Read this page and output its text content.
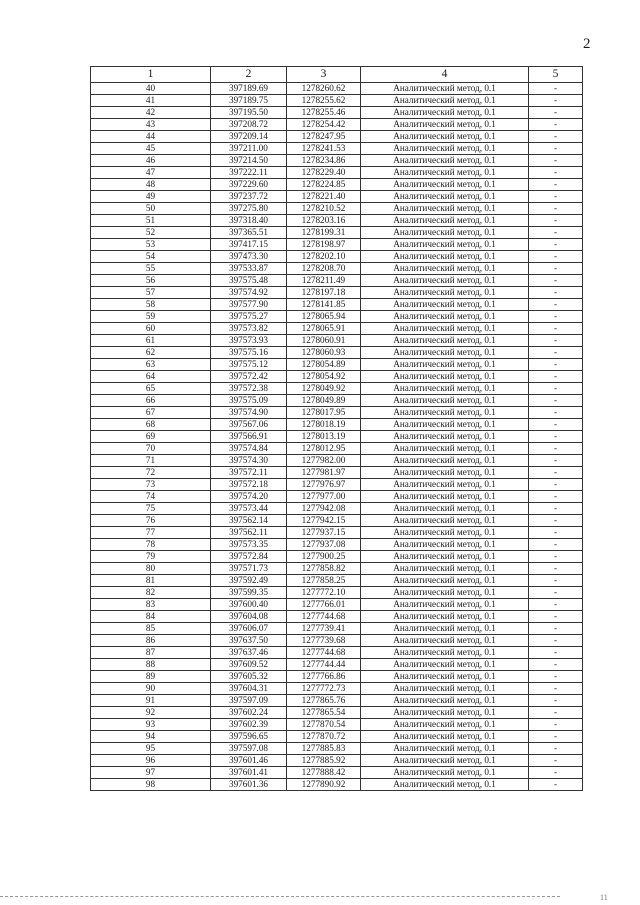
2
1	2	3	4	5
40	397189.69	1278260.62	Аналитический метод, 0.1	-
41	397189.75	1278255.62	Аналитический метод, 0.1	-
42	397195.50	1278255.46	Аналитический метод, 0.1	-
43	397208.72	1278254.42	Аналитический метод, 0.1	-
44	397209.14	1278247.95	Аналитический метод, 0.1	-
45	397211.00	1278241.53	Аналитический метод, 0.1	-
46	397214.50	1278234.86	Аналитический метод, 0.1	-
47	397222.11	1278229.40	Аналитический метод, 0.1	-
48	397229.60	1278224.85	Аналитический метод, 0.1	-
49	397237.72	1278221.40	Аналитический метод, 0.1	-
50	397275.80	1278210.52	Аналитический метод, 0.1	-
51	397318.40	1278203.16	Аналитический метод, 0.1	-
52	397365.51	1278199.31	Аналитический метод, 0.1	-
53	397417.15	1278198.97	Аналитический метод, 0.1	-
54	397473.30	1278202.10	Аналитический метод, 0.1	-
55	397533.87	1278208.70	Аналитический метод, 0.1	-
56	397575.48	1278211.49	Аналитический метод, 0.1	-
57	397574.92	1278197.18	Аналитический метод, 0.1	-
58	397577.90	1278141.85	Аналитический метод, 0.1	-
59	397575.27	1278065.94	Аналитический метод, 0.1	-
60	397573.82	1278065.91	Аналитический метод, 0.1	-
61	397573.93	1278060.91	Аналитический метод, 0.1	-
62	397575.16	1278060.93	Аналитический метод, 0.1	-
63	397575.12	1278054.89	Аналитический метод, 0.1	-
64	397572.42	1278054.92	Аналитический метод, 0.1	-
65	397572.38	1278049.92	Аналитический метод, 0.1	-
66	397575.09	1278049.89	Аналитический метод, 0.1	-
67	397574.90	1278017.95	Аналитический метод, 0.1	-
68	397567.06	1278018.19	Аналитический метод, 0.1	-
69	397566.91	1278013.19	Аналитический метод, 0.1	-
70	397574.84	1278012.95	Аналитический метод, 0.1	-
71	397574.30	1277982.00	Аналитический метод, 0.1	-
72	397572.11	1277981.97	Аналитический метод, 0.1	-
73	397572.18	1277976.97	Аналитический метод, 0.1	-
74	397574.20	1277977.00	Аналитический метод, 0.1	-
75	397573.44	1277942.08	Аналитический метод, 0.1	-
76	397562.14	1277942.15	Аналитический метод, 0.1	-
77	397562.11	1277937.15	Аналитический метод, 0.1	-
78	397573.35	1277937.08	Аналитический метод, 0.1	-
79	397572.84	1277900.25	Аналитический метод, 0.1	-
80	397571.73	1277858.82	Аналитический метод, 0.1	-
81	397592.49	1277858.25	Аналитический метод, 0.1	-
82	397599.35	1277772.10	Аналитический метод, 0.1	-
83	397600.40	1277766.01	Аналитический метод, 0.1	-
84	397604.08	1277744.68	Аналитический метод, 0.1	-
85	397606.07	1277739.41	Аналитический метод, 0.1	-
86	397637.50	1277739.68	Аналитический метод, 0.1	-
87	397637.46	1277744.68	Аналитический метод, 0.1	-
88	397609.52	1277744.44	Аналитический метод, 0.1	-
89	397605.32	1277766.86	Аналитический метод, 0.1	-
90	397604.31	1277772.73	Аналитический метод, 0.1	-
91	397597.09	1277865.76	Аналитический метод, 0.1	-
92	397602.24	1277865.54	Аналитический метод, 0.1	-
93	397602.39	1277870.54	Аналитический метод, 0.1	-
94	397596.65	1277870.72	Аналитический метод, 0.1	-
95	397597.08	1277885.83	Аналитический метод, 0.1	-
96	397601.46	1277885.92	Аналитический метод, 0.1	-
97	397601.41	1277888.42	Аналитический метод, 0.1	-
98	397601.36	1277890.92	Аналитический метод, 0.1	-
11
